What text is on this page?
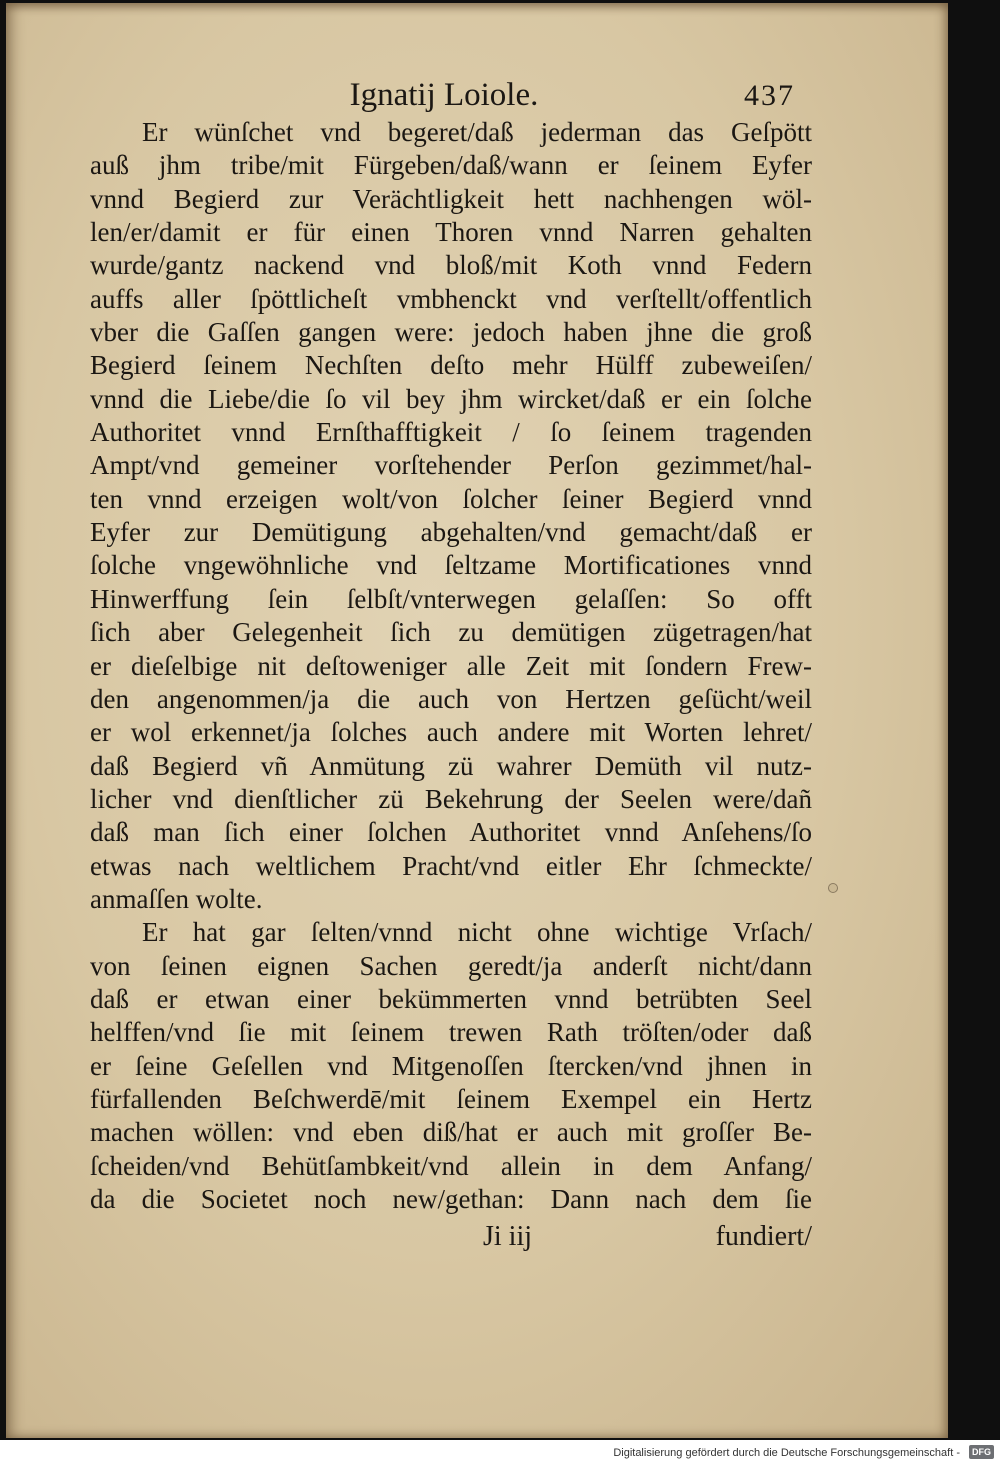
Ignatij Loiole.	437
Er wünſchet vnd begeret/daß jederman das Geſpött
auß jhm tribe/mit Fürgeben/daß/wann er ſeinem Eyfer
vnnd Begierd zur Verächtligkeit hett nachhengen wöl-
len/er/damit er für einen Thoren vnnd Narren gehalten
wurde/gantz nackend vnd bloß/mit Koth vnnd Federn
auffs aller ſpöttlicheſt vmbhenckt vnd verſtellt/offentlich
vber die Gaſſen gangen were: jedoch haben jhne die groß
Begierd ſeinem Nechſten deſto mehr Hülff zubeweiſen/
vnnd die Liebe/die ſo vil bey jhm wircket/daß er ein ſolche
Authoritet vnnd Ernſthafftigkeit / ſo ſeinem tragenden
Ampt/vnd gemeiner vorſtehender Perſon gezimmet/hal-
ten vnnd erzeigen wolt/von ſolcher ſeiner Begierd vnnd
Eyfer zur Demütigung abgehalten/vnd gemacht/daß er
ſolche vngewöhnliche vnd ſeltzame Mortificationes vnnd
Hinwerffung ſein ſelbſt/vnterwegen gelaſſen: So offt
ſich aber Gelegenheit ſich zu demütigen zügetragen/hat
er dieſelbige nit deſtoweniger alle Zeit mit ſondern Frew-
den angenommen/ja die auch von Hertzen geſücht/weil
er wol erkennet/ja ſolches auch andere mit Worten lehret/
daß Begierd vñ Anmütung zü wahrer Demüth vil nutz-
licher vnd dienſtlicher zü Bekehrung der Seelen were/dañ
daß man ſich einer ſolchen Authoritet vnnd Anſehens/ſo
etwas nach weltlichem Pracht/vnd eitler Ehr ſchmeckte/
anmaſſen wolte.
Er hat gar ſelten/vnnd nicht ohne wichtige Vrſach/
von ſeinen eignen Sachen geredt/ja anderſt nicht/dann
daß er etwan einer bekümmerten vnnd betrübten Seel
helffen/vnd ſie mit ſeinem trewen Rath tröſten/oder daß
er ſeine Geſellen vnd Mitgenoſſen ſtercken/vnd jhnen in
fürfallenden Beſchwerdē/mit ſeinem Exempel ein Hertz
machen wöllen: vnd eben diß/hat er auch mit groſſer Be-
ſcheiden/vnd Behütſambkeit/vnd allein in dem Anfang/
da die Societet noch new/gethan: Dann nach dem ſie
Ji iij	fundiert/
Digitalisierung gefördert durch die Deutsche Forschungsgemeinschaft -	DFG
